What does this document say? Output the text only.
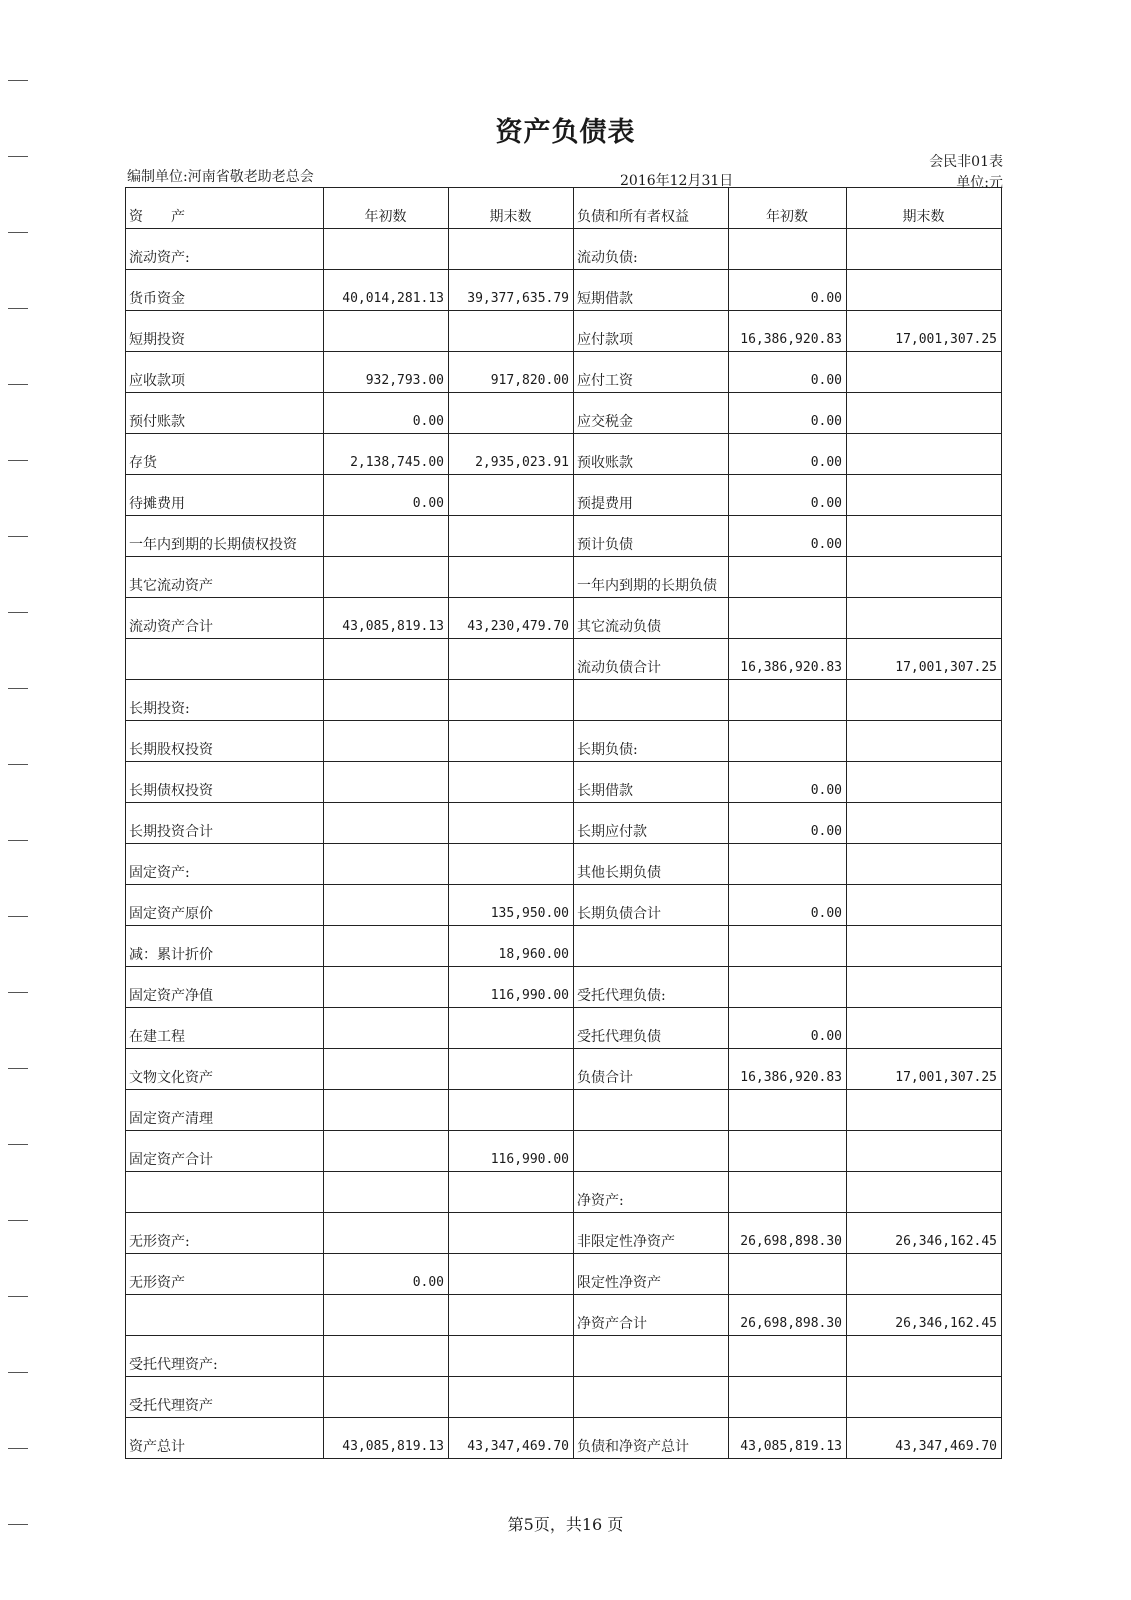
资产负债表
编制单位:河南省敬老助老总会	2016年12月31日
会民非01表
单位:元
资　　产	年初数	期末数	负债和所有者权益	年初数	期末数
流动资产:			流动负债:		
货币资金	40,014,281.13	39,377,635.79	短期借款	0.00	
短期投资			应付款项	16,386,920.83	17,001,307.25
应收款项	932,793.00	917,820.00	应付工资	0.00	
预付账款	0.00		应交税金	0.00	
存货	2,138,745.00	2,935,023.91	预收账款	0.00	
待摊费用	0.00		预提费用	0.00	
一年内到期的长期债权投资			预计负债	0.00	
其它流动资产			一年内到期的长期负债		
流动资产合计	43,085,819.13	43,230,479.70	其它流动负债		
			流动负债合计	16,386,920.83	17,001,307.25
长期投资:					
长期股权投资			长期负债:		
长期债权投资			长期借款	0.00	
长期投资合计			长期应付款	0.00	
固定资产:			其他长期负债		
固定资产原价		135,950.00	长期负债合计	0.00	
减：累计折价		18,960.00			
固定资产净值		116,990.00	受托代理负债:		
在建工程			受托代理负债	0.00	
文物文化资产			负债合计	16,386,920.83	17,001,307.25
固定资产清理					
固定资产合计		116,990.00			
			净资产:		
无形资产:			非限定性净资产	26,698,898.30	26,346,162.45
无形资产	0.00		限定性净资产		
			净资产合计	26,698,898.30	26,346,162.45
受托代理资产:					
受托代理资产					
资产总计	43,085,819.13	43,347,469.70	负债和净资产总计	43,085,819.13	43,347,469.70
第5页，共16 页
